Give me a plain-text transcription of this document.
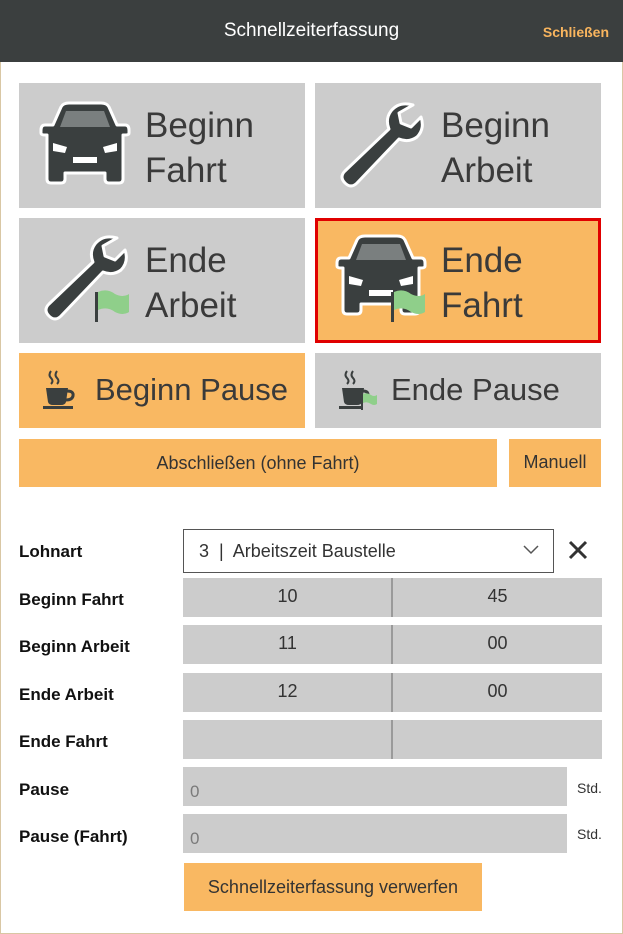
Schnellzeiterfassung	Schließen
Beginn
Fahrt
Beginn
Arbeit
Ende
Arbeit
Ende
Fahrt
Beginn Pause	Ende Pause
Abschließen (ohne Fahrt)	Manuell
Lohnart	3  |  Arbeitszeit Baustelle
Beginn Fahrt	10	45
Beginn Arbeit	11	00
Ende Arbeit	12	00
Ende Fahrt
Pause	0	Std.
Pause (Fahrt)	0	Std.
Schnellzeiterfassung verwerfen
